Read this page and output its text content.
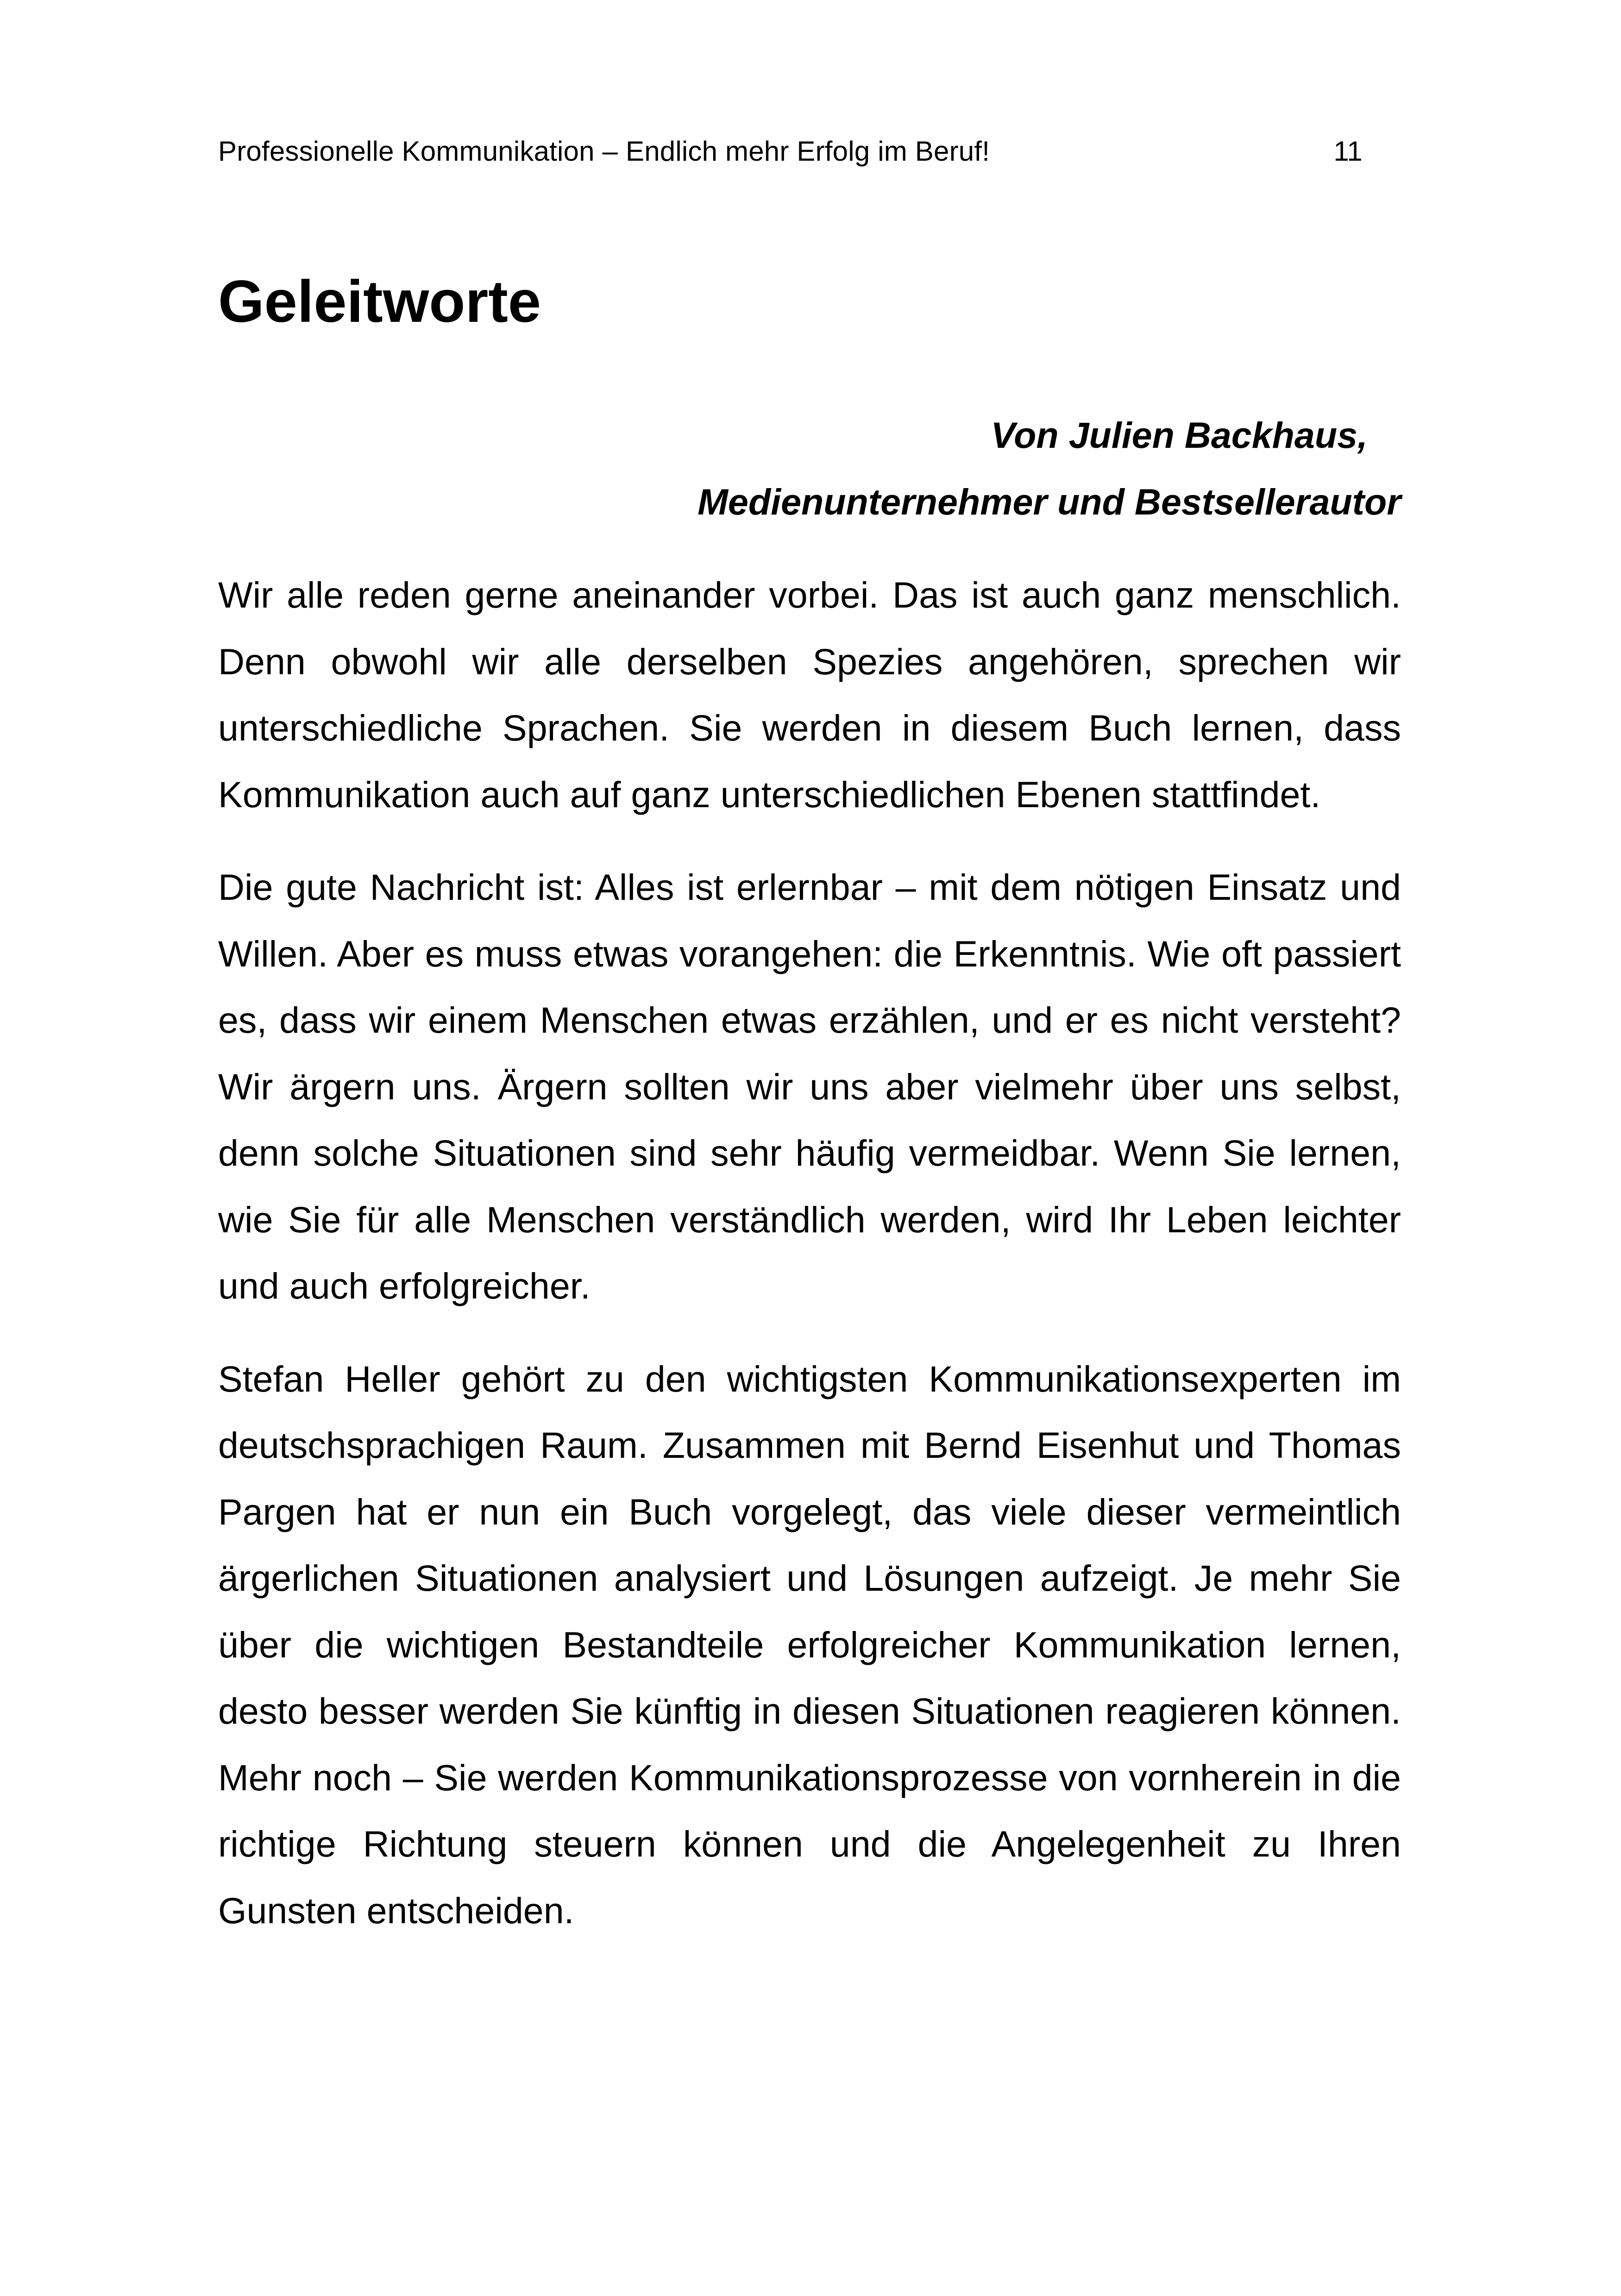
Professionelle Kommunikation – Endlich mehr Erfolg im Beruf!	11
Geleitworte
Von Julien Backhaus,
Medienunternehmer und Bestsellerautor

Wir alle reden gerne aneinander vorbei. Das ist auch ganz menschlich. Denn obwohl wir alle derselben Spezies angehören, sprechen wir unterschiedliche Sprachen. Sie werden in diesem Buch lernen, dass Kommunikation auch auf ganz unterschiedlichen Ebenen stattfindet.

Die gute Nachricht ist: Alles ist erlernbar – mit dem nötigen Einsatz und Willen. Aber es muss etwas vorangehen: die Erkenntnis. Wie oft passiert es, dass wir einem Menschen etwas erzählen, und er es nicht versteht? Wir ärgern uns. Ärgern sollten wir uns aber vielmehr über uns selbst, denn solche Situationen sind sehr häufig vermeidbar. Wenn Sie lernen, wie Sie für alle Menschen verständlich werden, wird Ihr Leben leichter und auch erfolgreicher.

Stefan Heller gehört zu den wichtigsten Kommunikationsexperten im deutschsprachigen Raum. Zusammen mit Bernd Eisenhut und Thomas Pargen hat er nun ein Buch vorgelegt, das viele dieser vermeintlich ärgerlichen Situationen analysiert und Lösungen aufzeigt. Je mehr Sie über die wichtigen Bestandteile erfolgreicher Kommunikation lernen, desto besser werden Sie künftig in diesen Situationen reagieren können. Mehr noch – Sie werden Kommunikationsprozesse von vornherein in die richtige Richtung steuern können und die Angelegenheit zu Ihren Gunsten entscheiden.
